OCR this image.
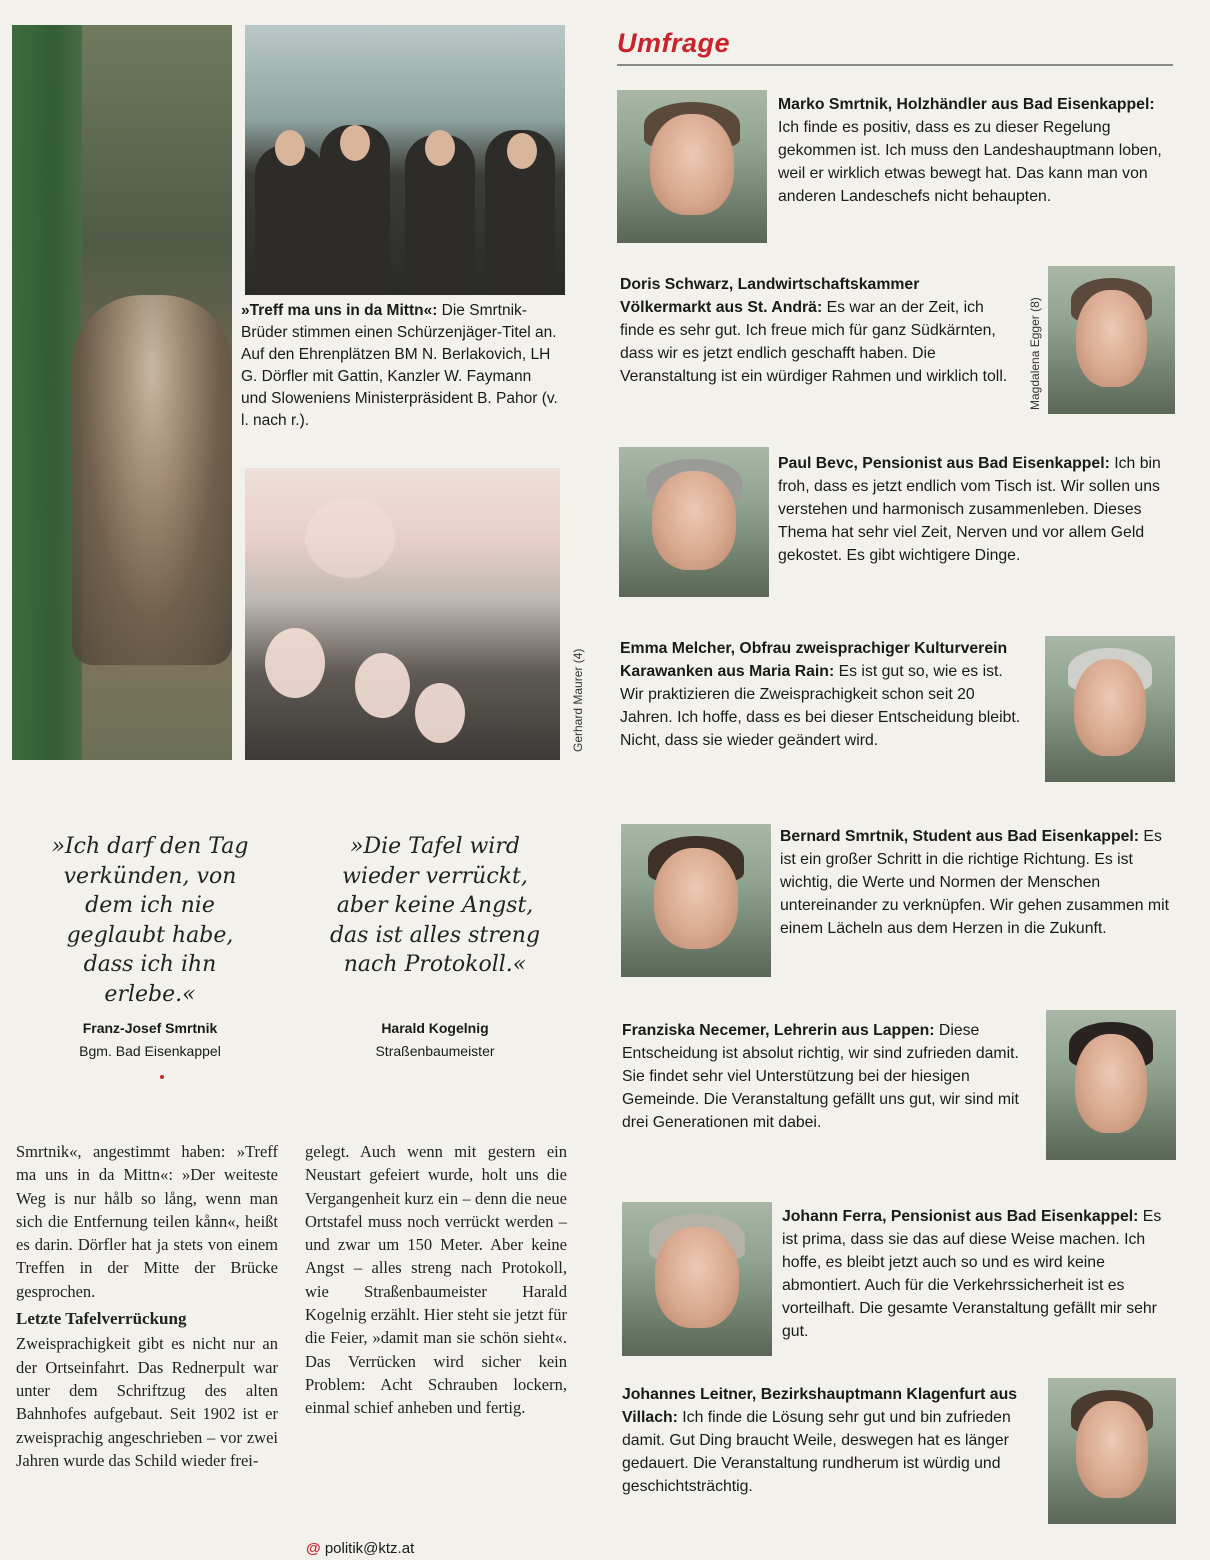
»Treff ma uns in da Mittn«: Die Smrtnik-Brüder stimmen einen Schürzenjäger-Titel an. Auf den Ehrenplätzen BM N. Berlakovich, LH G. Dörfler mit Gattin, Kanzler W. Faymann und Sloweniens Ministerpräsident B. Pahor (v. l. nach r.).
Gerhard Maurer (4)
»Ich darf den Tag verkünden, von dem ich nie geglaubt habe, dass ich ihn erlebe.«
Franz-Josef Smrtnik
Bgm. Bad Eisenkappel
»Die Tafel wird wieder verrückt, aber keine Angst, das ist alles streng nach Protokoll.«
Harald Kogelnig
Straßenbaumeister

Smrtnik«, angestimmt haben: »Treff ma uns in da Mittn«: »Der weiteste Weg is nur hålb so lång, wenn man sich die Entfernung teilen kånn«, heißt es darin. Dörfler hat ja stets von einem Treffen in der Mitte der Brücke gesprochen.

Letzte Tafelverrückung

Zweisprachigkeit gibt es nicht nur an der Ortseinfahrt. Das Rednerpult war unter dem Schriftzug des alten Bahnhofes aufgebaut. Seit 1902 ist er zweisprachig angeschrieben – vor zwei Jahren wurde das Schild wieder frei-

gelegt. Auch wenn mit gestern ein Neustart gefeiert wurde, holt uns die Vergangenheit kurz ein – denn die neue Ortstafel muss noch verrückt werden – und zwar um 150 Meter. Aber keine Angst – alles streng nach Protokoll, wie Straßenbaumeister Harald Kogelnig erzählt. Hier steht sie jetzt für die Feier, »damit man sie schön sieht«. Das Verrücken wird sicher kein Problem: Acht Schrauben lockern, einmal schief anheben und fertig.

@ politik@ktz.at
Umfrage
Marko Smrtnik, Holzhändler aus Bad Eisenkappel: Ich finde es positiv, dass es zu dieser Regelung gekommen ist. Ich muss den Landeshauptmann loben, weil er wirklich etwas bewegt hat. Das kann man von anderen Landeschefs nicht behaupten.
Doris Schwarz, Landwirtschaftskammer Völkermarkt aus St. Andrä: Es war an der Zeit, ich finde es sehr gut. Ich freue mich für ganz Südkärnten, dass wir es jetzt endlich geschafft haben. Die Veranstaltung ist ein würdiger Rahmen und wirklich toll.	Magdalena Egger (8)
Paul Bevc, Pensionist aus Bad Eisenkappel: Ich bin froh, dass es jetzt endlich vom Tisch ist. Wir sollen uns verstehen und harmonisch zusammenleben. Dieses Thema hat sehr viel Zeit, Nerven und vor allem Geld gekostet. Es gibt wichtigere Dinge.
Emma Melcher, Obfrau zweisprachiger Kulturverein Karawanken aus Maria Rain: Es ist gut so, wie es ist. Wir praktizieren die Zweisprachigkeit schon seit 20 Jahren. Ich hoffe, dass es bei dieser Entscheidung bleibt. Nicht, dass sie wieder geändert wird.
Bernard Smrtnik, Student aus Bad Eisenkappel: Es ist ein großer Schritt in die richtige Richtung. Es ist wichtig, die Werte und Normen der Menschen untereinander zu verknüpfen. Wir gehen zusammen mit einem Lächeln aus dem Herzen in die Zukunft.
Franziska Necemer, Lehrerin aus Lappen: Diese Entscheidung ist absolut richtig, wir sind zufrieden damit. Sie findet sehr viel Unterstützung bei der hiesigen Gemeinde. Die Veranstaltung gefällt uns gut, wir sind mit drei Generationen mit dabei.
Johann Ferra, Pensionist aus Bad Eisenkappel: Es ist prima, dass sie das auf diese Weise machen. Ich hoffe, es bleibt jetzt auch so und es wird keine abmontiert. Auch für die Verkehrssicherheit ist es vorteilhaft. Die gesamte Veranstaltung gefällt mir sehr gut.
Johannes Leitner, Bezirkshauptmann Klagenfurt aus Villach: Ich finde die Lösung sehr gut und bin zufrieden damit. Gut Ding braucht Weile, deswegen hat es länger gedauert. Die Veranstaltung rundherum ist würdig und geschichtsträchtig.
